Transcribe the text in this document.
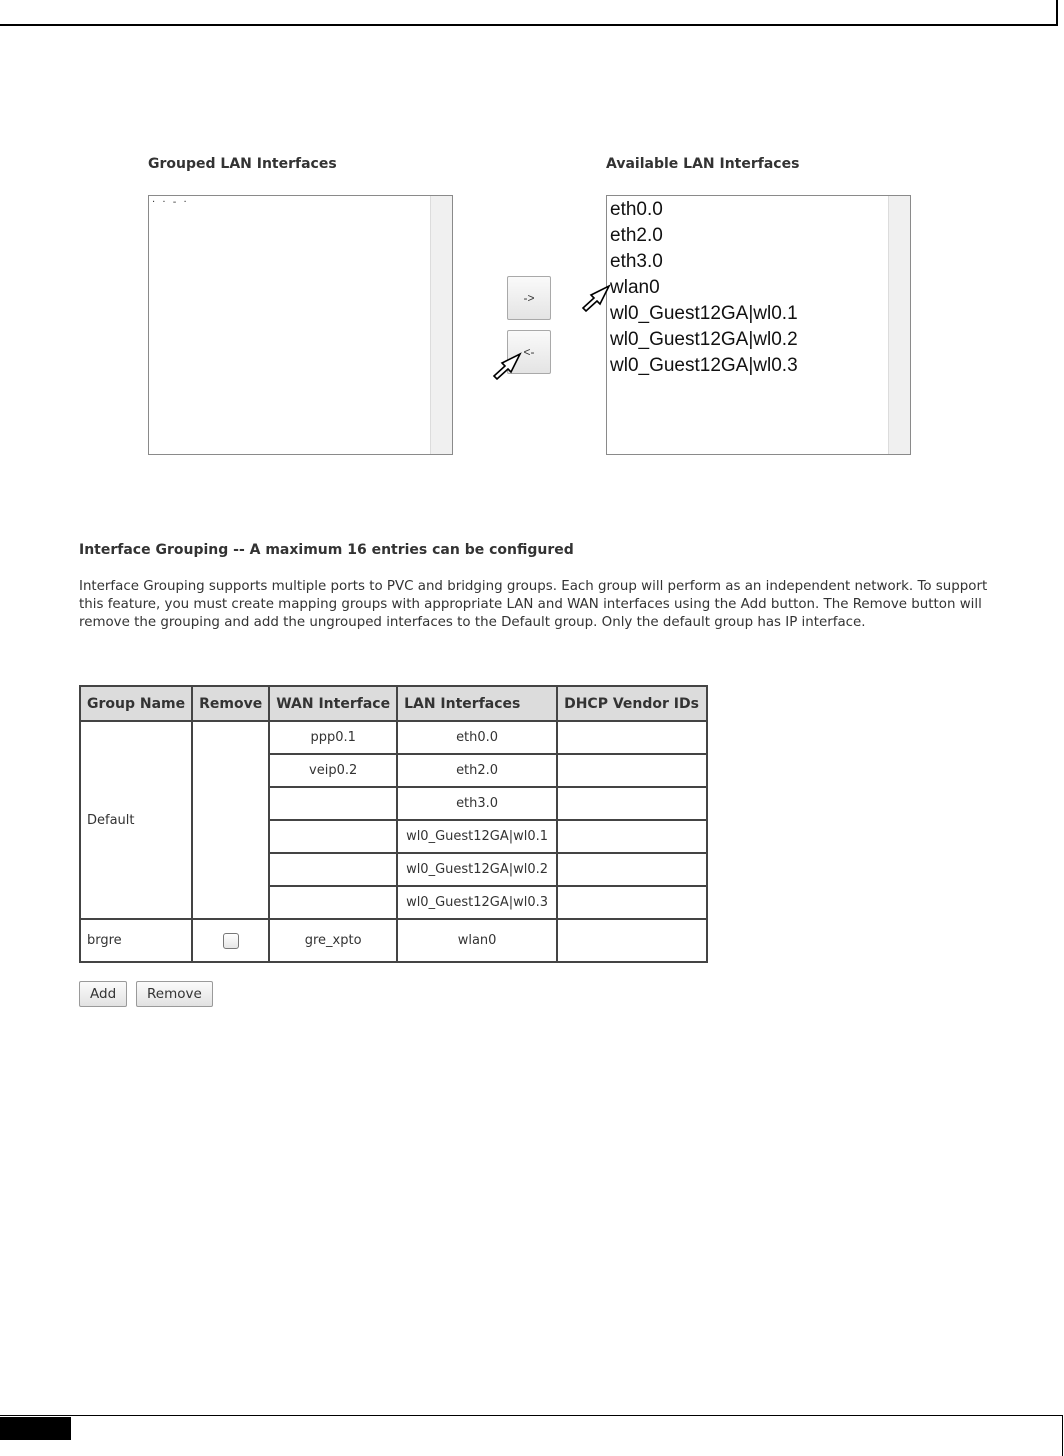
Grouped LAN Interfaces
· · - ·
->
<-
Available LAN Interfaces
eth0.0
eth2.0
eth3.0
wlan0
wl0_Guest12GA|wl0.1
wl0_Guest12GA|wl0.2
wl0_Guest12GA|wl0.3
Interface Grouping -- A maximum 16 entries can be configured
Interface Grouping supports multiple ports to PVC and bridging groups. Each group will perform as an independent network. To support this feature, you must create mapping groups with appropriate LAN and WAN interfaces using the Add button. The Remove button will remove the grouping and add the ungrouped interfaces to the Default group. Only the default group has IP interface.
Group Name	Remove	WAN Interface	LAN Interfaces	DHCP Vendor IDs
Default		ppp0.1	eth0.0	
		veip0.2	eth2.0	
			eth3.0	
			wl0_Guest12GA|wl0.1	
			wl0_Guest12GA|wl0.2	
			wl0_Guest12GA|wl0.3	
brgre		gre_xpto	wlan0	
Add	Remove
